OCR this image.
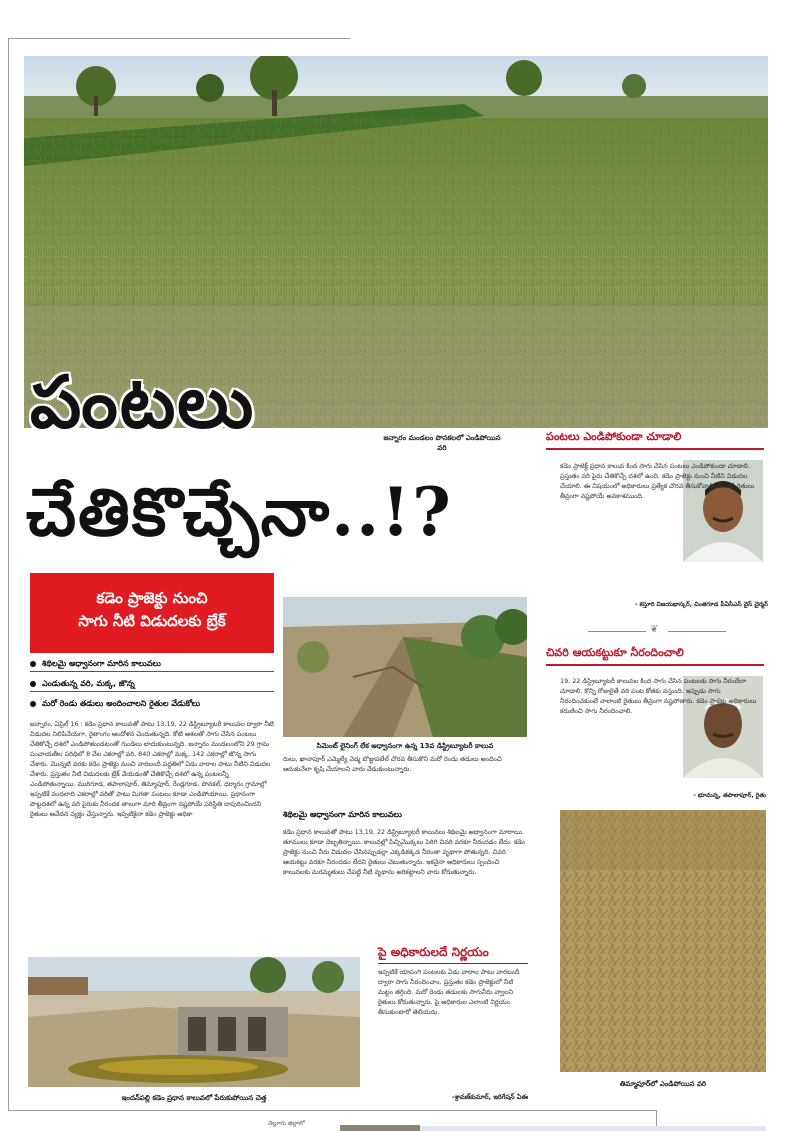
పంటలు
చేతికొచ్చేనా..!?
జన్నారం మండలం పొనకలలో ఎండిపోయిన వరి
కడెం ప్రాజెక్టు నుంచి
సాగు నీటి విడుదలకు బ్రేక్
శిథిలమై అధ్వానంగా మారిన కాలువలు
ఎండుతున్న వరి, మక్క, జొన్న
మరో రెండు తడులు అందించాలని రైతుల వేడుకోలు
జన్నారం, ఏప్రిల్ 16 : కడెం ప్రధాన కాలువతో పాటు 13,19, 22 డిస్ట్రిబ్యూటరీ కాలువల ద్వారా నీటి విడుదల నిలిపివేయగా, రైతాంగం ఆందోళన చెందుతున్నది. కోటి ఆశలతో సాగు చేసిన పంటలు చేతికొచ్చే దశలో ఎండిపోతుండటంతో గుండెలు బాదుకుంటున్నది. జన్నారం మండలంలోని 29 గ్రామ పంచాయతీల పరిధిలో 8 వేల ఎకరాల్లో వరి, 840 ఎకరాల్లో మక్క, 142 ఎకరాల్లో జొన్న సాగు చేశారు. మొన్నటి వరకు కడెం ప్రాజెక్టు నుంచి వారబందీ పద్ధతిలో ఏడు వారాల పాటు నీటిని విడుదల చేశారు. ప్రస్తుతం నీటి విడుదలకు బ్రేక్ వేయడంతో చేతికొచ్చే దశలో ఉన్న పంటలన్నీ ఎండిపోతున్నాయి. మురిగూడ, తపాలాపూర్, తిమ్మాపూర్, రేండ్లగూడ, పొనకల్, ధర్మారం గ్రామాల్లో ఇప్పటికే వందలాది ఎకరాల్లో వరితో పాటు మిగతా పంటలు కూడా ఎండిపోయాయి. ప్రధానంగా పొట్టదశలో ఉన్న వరి పైరుకు నీరందక తాలుగా మారి తీవ్రంగా నష్టపోయే పరిస్థితి దాపురించిందని రైతులు ఆవేదన వ్యక్తం చేస్తున్నారు. ఇప్పటికైనా కడెం ప్రాజెక్టు అధికా
సిమెంట్ లైనింగ్ లేక అధ్వానంగా ఉన్న 13వ డిస్ట్రిబ్యూటరీ కాలువ
రులు, ఖానాపూర్ ఎమ్మెల్యే వెడ్మ బొజ్జుపటేల్ చొరవ తీసుకొని మరో రెండు తడులు అందించి ఆదుకునేలా కృషి చేయాలని వారు వేడుకుంటున్నారు.
శిథిలమై అధ్వానంగా మారిన కాలువలు
కడెం ప్రధాన కాలువతో పాటు 13,19, 22 డిస్ట్రిబ్యూటరీ కాలువలు శిథిలమై అధ్వానంగా మారాయి. తూములు కూడా దెబ్బతిన్నాయి. కాలువల్లో పిచ్చిమొక్కలు పెరిగి చివరి వరకూ నీరందడం లేదు. కడెం ప్రాజెక్టు నుంచి నీరు విడుదల చేసినప్పుడల్లా ఎక్కడికక్కడ నీరంతా వృథాగా పోతున్నది. చివరి ఆయకట్టు వరకూ నీరందడం లేదని రైతులు చెబుతున్నారు. ఇకనైనా అధికారులు స్పందించి కాలువలకు మరమ్మతులు చేపట్టి నీటి వృథాను అరికట్టాలని వారు కోరుతున్నారు.
పై అధికారులదే నిర్ణయం
ఇప్పటికే యాసంగి పంటలకు ఏడు వారాల పాటు వారబందీ ద్వారా సాగు నీరందించాం. ప్రస్తుతం కడెం ప్రాజెక్టులో నీటి మట్టం తగ్గింది. మరో రెండు తడులకు సాగునీరు వ్వాలని రైతులు కోరుతున్నారు. పై అధికారుల ఎలాంటి నిర్ణయం తీసుకుంటారో తెలియదు.
-శ్రావణ్‌కుమార్, ఇరిగేషన్ ఏఈ
ఇందన్‌పల్లి కడెం ప్రధాన కాలువలో పేరుకుపోయిన చెత్త
పంటలు ఎండిపోకుండా చూడాలి
కడెం ప్రాజెక్ట్ ప్రధాన కాలువ కింద సాగు చేసిన పంటలు ఎండిపోకుండా చూడాలి. ప్రస్తుతం వరి పైరు చేతికొచ్చే దశలో ఉంది. కడెం ప్రాజెక్టు నుంచి నీటిని విడుదల చేయాలి. ఈ విషయంలో అధికారులు ప్రత్యేక చొరవ తీసుకోవాలి. లేదంటే రైతులు తీవ్రంగా నష్టపోయే అవకాశముంది.
- కస్తూరి విజయభాస్కర్, చింతగూడ పీఏసీఎస్ వైస్ చైర్మన్
❦
చివరి ఆయకట్టుకూ నీరందించాలి
19, 22 డిస్ట్రిబ్యూటరీ కాలువల కింద సాగు చేసిన పంటలకు సాగు నీరందేలా చూడాలి. కొన్ని రోజులైతే వరి పంట కోతకు వస్తుంది. ఇప్పుడు సాగు నీరందించకుంటే నాలాంటి రైతులు తీవ్రంగా నష్టపోతారు. కడెం ప్రాజెక్టు అధికారులు కరుణించి సాగు నీరందించాలి.
- భూమన్న, తపాలాపూర్, రైతు
తిమ్మాపూర్‌లో ఎండిపోయిన వరి
నెల్లూరు జిల్లాలో
